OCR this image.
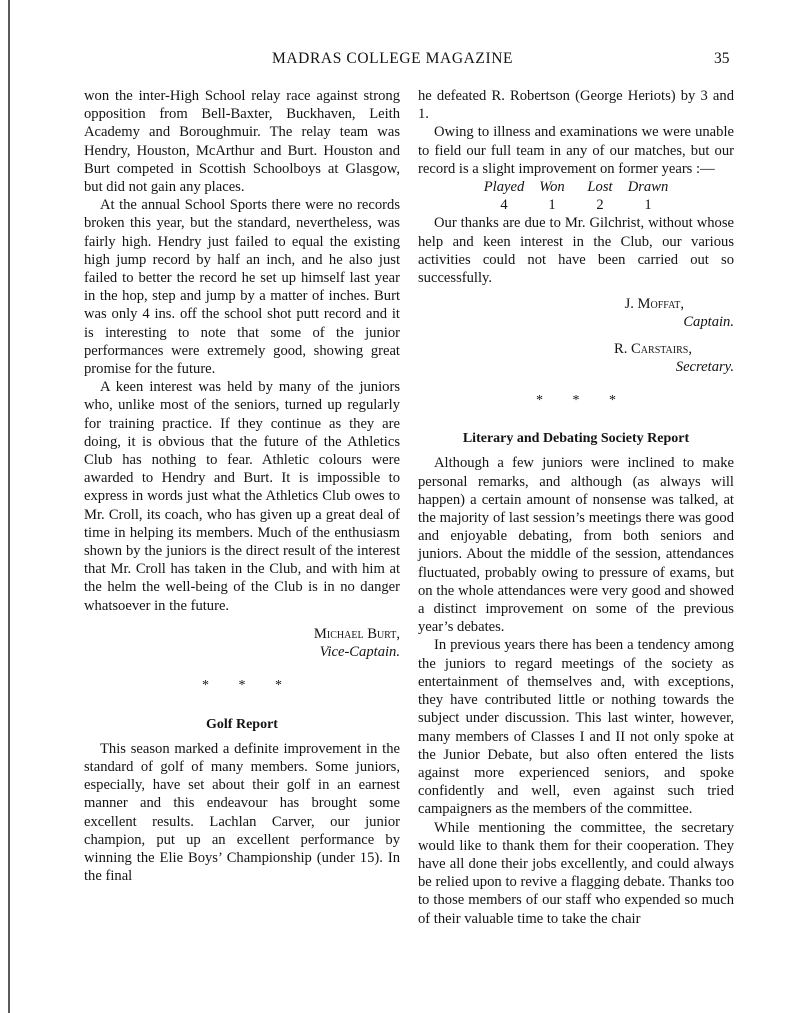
MADRAS COLLEGE MAGAZINE	35

won the inter-High School relay race against strong opposition from Bell-Baxter, Buckhaven, Leith Academy and Boroughmuir. The relay team was Hendry, Houston, McArthur and Burt. Houston and Burt competed in Scottish Schoolboys at Glasgow, but did not gain any places.

At the annual School Sports there were no records broken this year, but the standard, nevertheless, was fairly high. Hendry just failed to equal the existing high jump record by half an inch, and he also just failed to better the record he set up himself last year in the hop, step and jump by a matter of inches. Burt was only 4 ins. off the school shot putt record and it is interesting to note that some of the junior performances were extremely good, showing great promise for the future.

A keen interest was held by many of the juniors who, unlike most of the seniors, turned up regularly for training practice. If they continue as they are doing, it is obvious that the future of the Athletics Club has nothing to fear. Athletic colours were awarded to Hendry and Burt. It is impossible to express in words just what the Athletics Club owes to Mr. Croll, its coach, who has given up a great deal of time in helping its members. Much of the enthusiasm shown by the juniors is the direct result of the interest that Mr. Croll has taken in the Club, and with him at the helm the well-being of the Club is in no danger whatsoever in the future.

Michael Burt,
Vice-Captain.
* * *
Golf Report

This season marked a definite improvement in the standard of golf of many members. Some juniors, especially, have set about their golf in an earnest manner and this endeavour has brought some excellent results. Lachlan Carver, our junior champion, put up an excellent performance by winning the Elie Boys’ Championship (under 15). In the final

he defeated R. Robertson (George Heriots) by 3 and 1.

Owing to illness and examinations we were unable to field our full team in any of our matches, but our record is a slight improvement on former years :—

Played	Won	Lost	Drawn
4	1	2	1

Our thanks are due to Mr. Gilchrist, without whose help and keen interest in the Club, our various activities could not have been carried out so successfully.

J. Moffat,
Captain.
R. Carstairs,
Secretary.
* * *
Literary and Debating Society Report

Although a few juniors were inclined to make personal remarks, and although (as always will happen) a certain amount of nonsense was talked, at the majority of last session’s meetings there was good and enjoyable debating, from both seniors and juniors. About the middle of the session, attendances fluctuated, probably owing to pressure of exams, but on the whole attendances were very good and showed a distinct improvement on some of the previous year’s debates.

In previous years there has been a tendency among the juniors to regard meetings of the society as entertainment of themselves and, with exceptions, they have contributed little or nothing towards the subject under discussion. This last winter, however, many members of Classes I and II not only spoke at the Junior Debate, but also often entered the lists against more experienced seniors, and spoke confidently and well, even against such tried campaigners as the members of the committee.

While mentioning the committee, the secretary would like to thank them for their cooperation. They have all done their jobs excellently, and could always be relied upon to revive a flagging debate. Thanks too to those members of our staff who expended so much of their valuable time to take the chair
